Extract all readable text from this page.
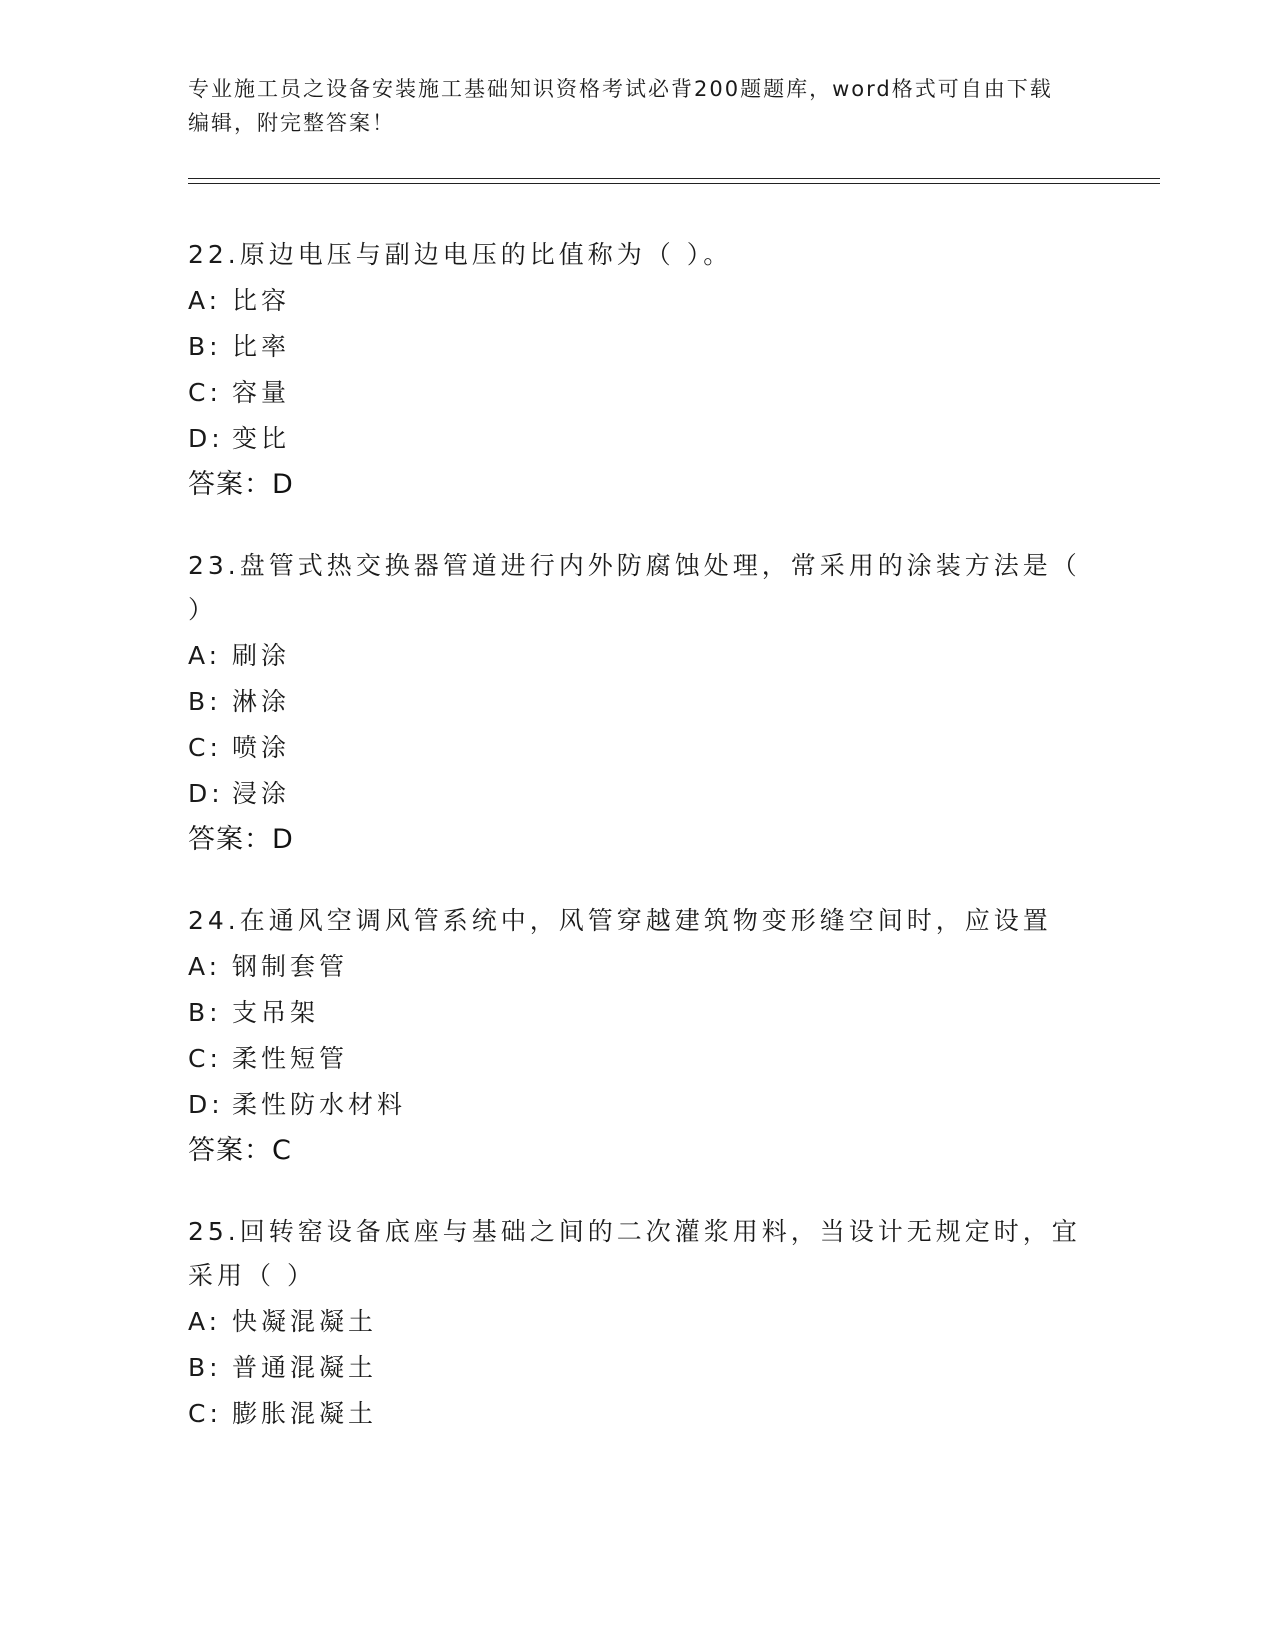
专业施工员之设备安装施工基础知识资格考试必背200题题库，word格式可自由下载编辑，附完整答案！
22.原边电压与副边电压的比值称为（ ）。
A: 比容
B: 比率
C: 容量
D: 变比
答案：D
23.盘管式热交换器管道进行内外防腐蚀处理，常采用的涂装方法是（ ）
A: 刷涂
B: 淋涂
C: 喷涂
D: 浸涂
答案：D
24.在通风空调风管系统中，风管穿越建筑物变形缝空间时，应设置
A: 钢制套管
B: 支吊架
C: 柔性短管
D: 柔性防水材料
答案：C
25.回转窑设备底座与基础之间的二次灌浆用料，当设计无规定时，宜采用（ ）
A: 快凝混凝土
B: 普通混凝土
C: 膨胀混凝土
